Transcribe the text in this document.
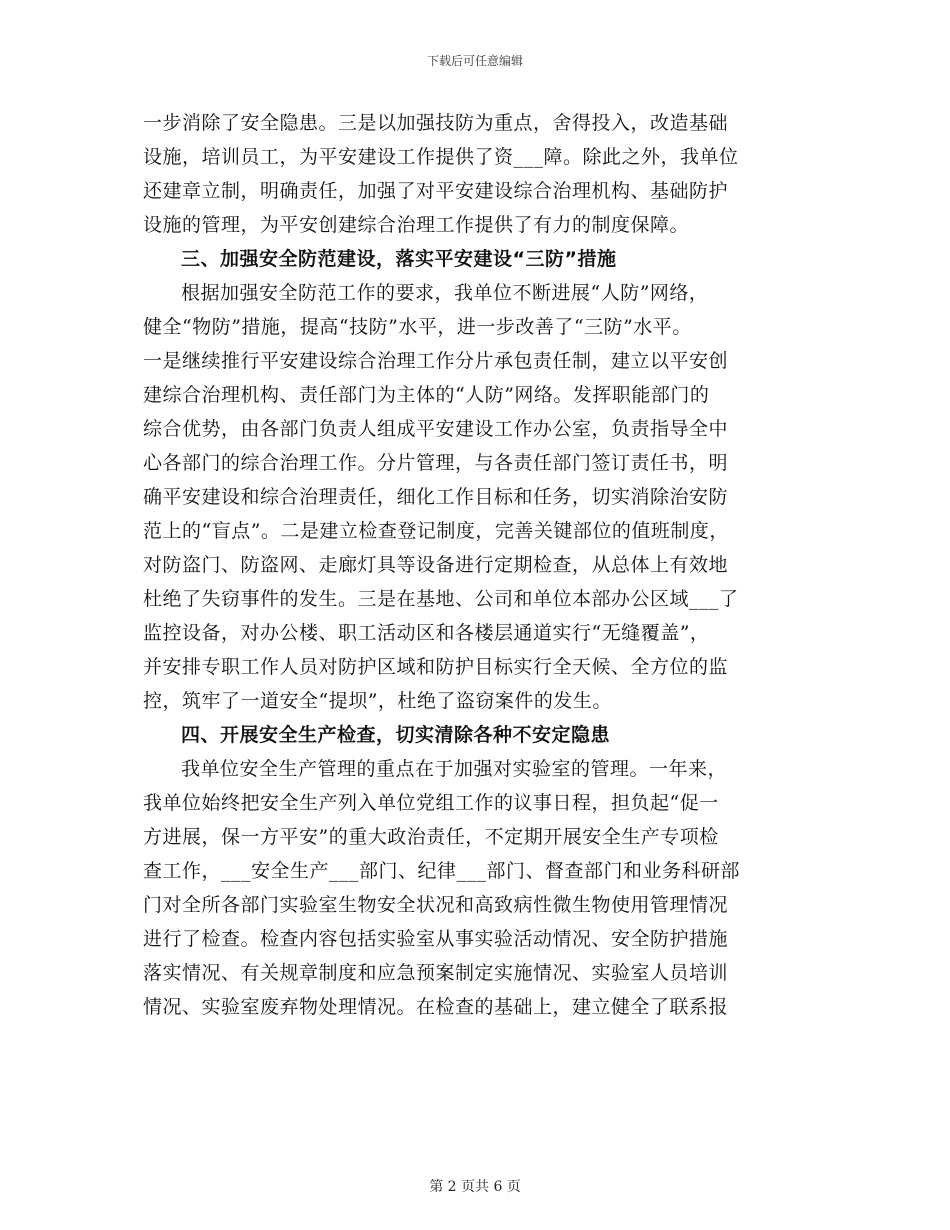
下载后可任意编辑
一步消除了安全隐患。三是以加强技防为重点，舍得投入，改造基础
设施，培训员工，为平安建设工作提供了资___障。除此之外，我单位
还建章立制，明确责任，加强了对平安建设综合治理机构、基础防护
设施的管理，为平安创建综合治理工作提供了有力的制度保障。
三、加强安全防范建设，落实平安建设“三防”措施
根据加强安全防范工作的要求，我单位不断进展“人防”网络，
健全“物防”措施，提高“技防”水平，进一步改善了“三防”水平。
一是继续推行平安建设综合治理工作分片承包责任制，建立以平安创
建综合治理机构、责任部门为主体的“人防”网络。发挥职能部门的
综合优势，由各部门负责人组成平安建设工作办公室，负责指导全中
心各部门的综合治理工作。分片管理，与各责任部门签订责任书，明
确平安建设和综合治理责任，细化工作目标和任务，切实消除治安防
范上的“盲点”。二是建立检查登记制度，完善关键部位的值班制度，
对防盗门、防盗网、走廊灯具等设备进行定期检查，从总体上有效地
杜绝了失窃事件的发生。三是在基地、公司和单位本部办公区域___了
监控设备，对办公楼、职工活动区和各楼层通道实行“无缝覆盖”，
并安排专职工作人员对防护区域和防护目标实行全天候、全方位的监
控，筑牢了一道安全“提坝”，杜绝了盗窃案件的发生。
四、开展安全生产检查，切实清除各种不安定隐患
我单位安全生产管理的重点在于加强对实验室的管理。一年来，
我单位始终把安全生产列入单位党组工作的议事日程，担负起“促一
方进展，保一方平安”的重大政治责任，不定期开展安全生产专项检
查工作，___安全生产___部门、纪律___部门、督查部门和业务科研部
门对全所各部门实验室生物安全状况和高致病性微生物使用管理情况
进行了检查。检查内容包括实验室从事实验活动情况、安全防护措施
落实情况、有关规章制度和应急预案制定实施情况、实验室人员培训
情况、实验室废弃物处理情况。在检查的基础上，建立健全了联系报
第 2 页共 6 页
